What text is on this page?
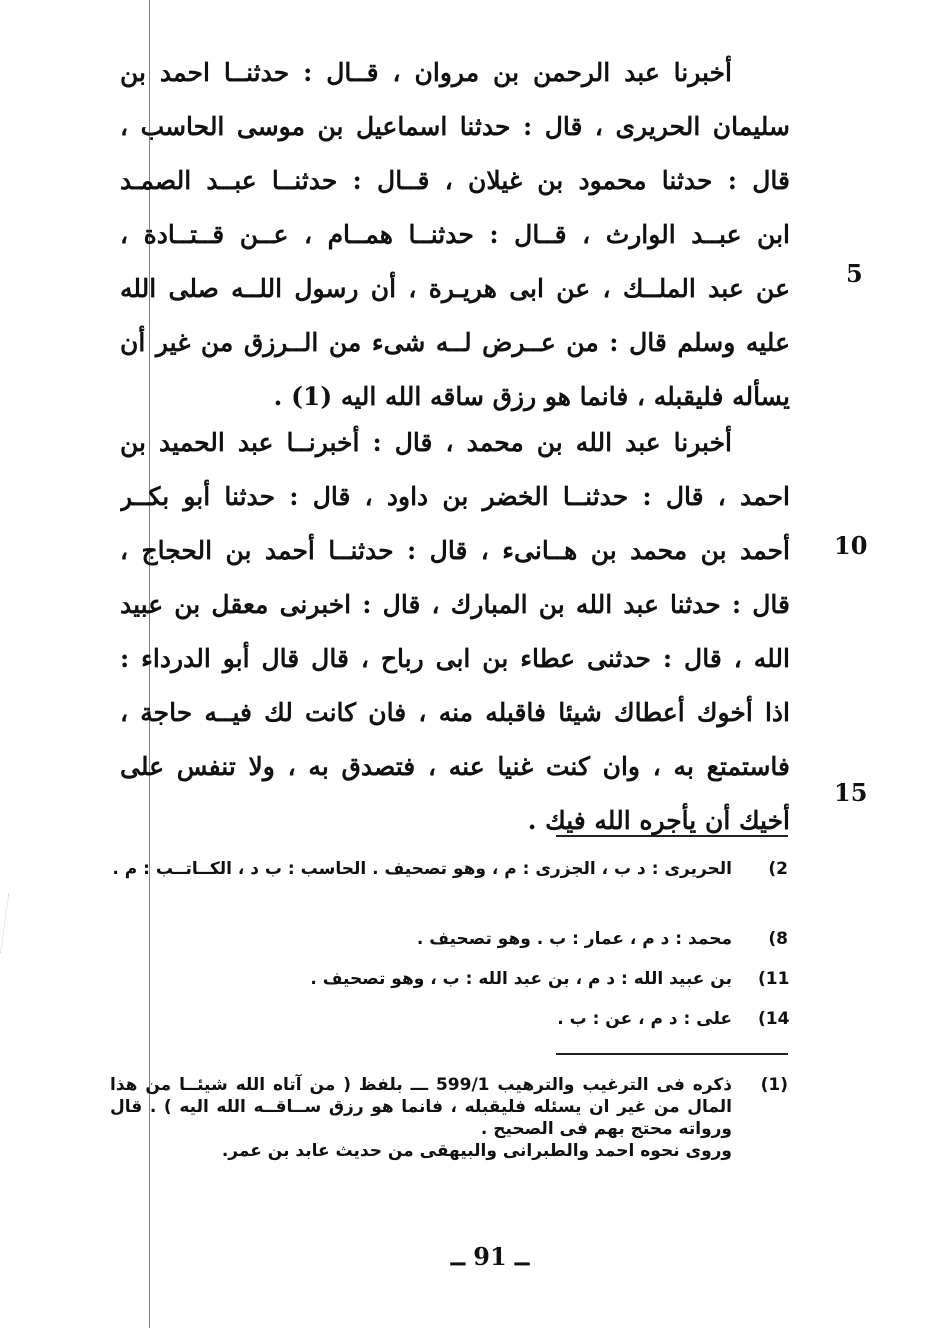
أخبرنا عبد الرحمن بن مروان ، قــال : حدثنــا احمد بن
سليمان الحريرى ، قال : حدثنا اسماعيل بن موسى الحاسب ،
قال : حدثنا محمود بن غيلان ، قــال : حدثنــا عبــد الصمـد
ابن عبــد الوارث ، قــال : حدثنــا همــام ، عــن قــتــادة ،
عن عبد الملــك ، عن ابى هريـرة ، أن رسول اللــه صلى الله
عليه وسلم قال : من عــرض لــه شىء من الــرزق من غير أن
يسأله فليقبله ، فانما هو رزق ساقه الله اليه (1) .
أخبرنا عبد الله بن محمد ، قال : أخبرنــا عبد الحميد بن
احمد ، قال : حدثنــا الخضر بن داود ، قال : حدثنا أبو بكــر
أحمد بن محمد بن هــانىء ، قال : حدثنــا أحمد بن الحجاج ،
قال : حدثنا عبد الله بن المبارك ، قال : اخبرنى معقل بن عبيد
الله ، قال : حدثنى عطاء بن ابى رباح ، قال قال أبو الدرداء :
اذا أخوك أعطاك شيئا فاقبله منه ، فان كانت لك فيــه حاجة ،
فاستمتع به ، وان كنت غنيا عنه ، فتصدق به ، ولا تنفس على
أخيك أن يأجره الله فيك .
5
10
15
(2
الحريرى : د ب ، الجزرى : م ، وهو تصحيف . الحاسب : ب د ، الكــاتــب : م .
(8
محمد : د م ، عمار : ب . وهو تصحيف .
(11
بن عبيد الله : د م ، بن عبد الله : ب ، وهو تصحيف .
(14
على : د م ، عن : ب .
(1)
ذكره فى الترغيب والترهيب 599/1 ـــ بلفظ ( من آتاه الله شيئــا من هذا المال من غير ان يسئله فليقبله ، فانما هو رزق ســاقــه الله اليه ) . قال ورواته محتج بهم فى الصحيح .
وروى نحوه احمد والطبرانى والبيهقى من حديث عابد بن عمر.
ــ 91 ــ
